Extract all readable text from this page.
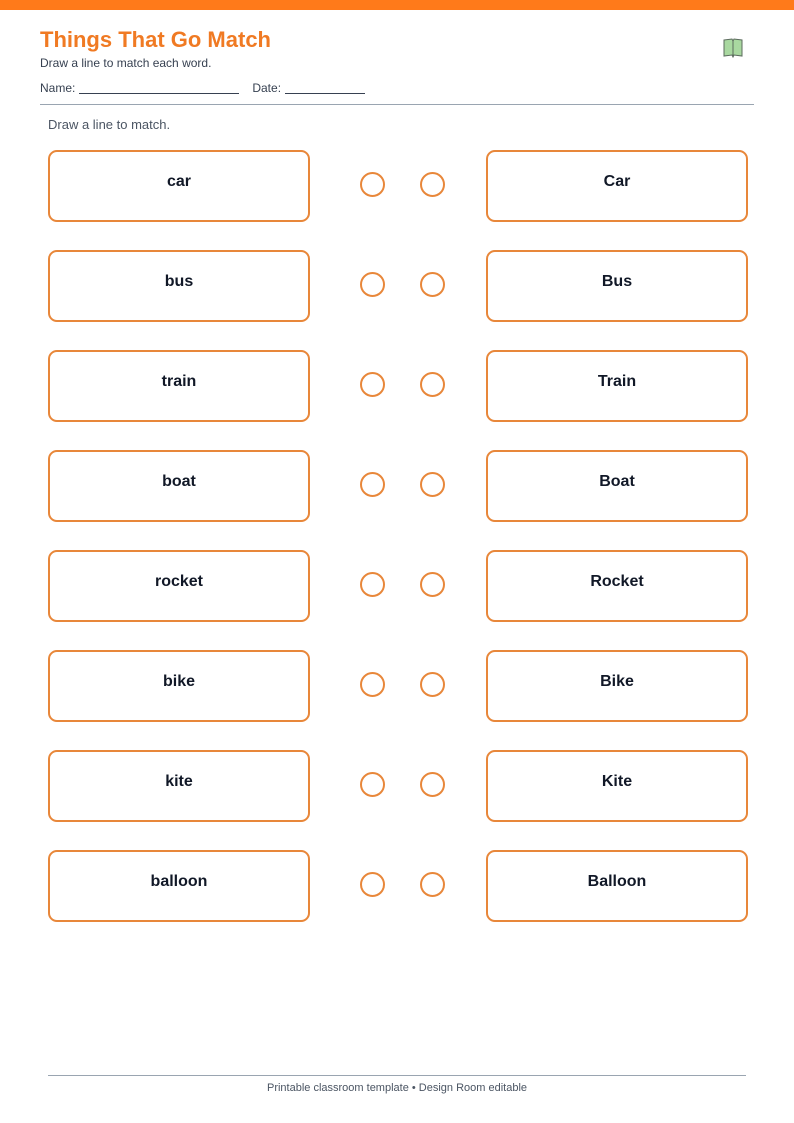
Things That Go Match
Draw a line to match each word.
Name:	Date:
Draw a line to match.
car	Car
bus	Bus
train	Train
boat	Boat
rocket	Rocket
bike	Bike
kite	Kite
balloon	Balloon
Printable classroom template • Design Room editable
